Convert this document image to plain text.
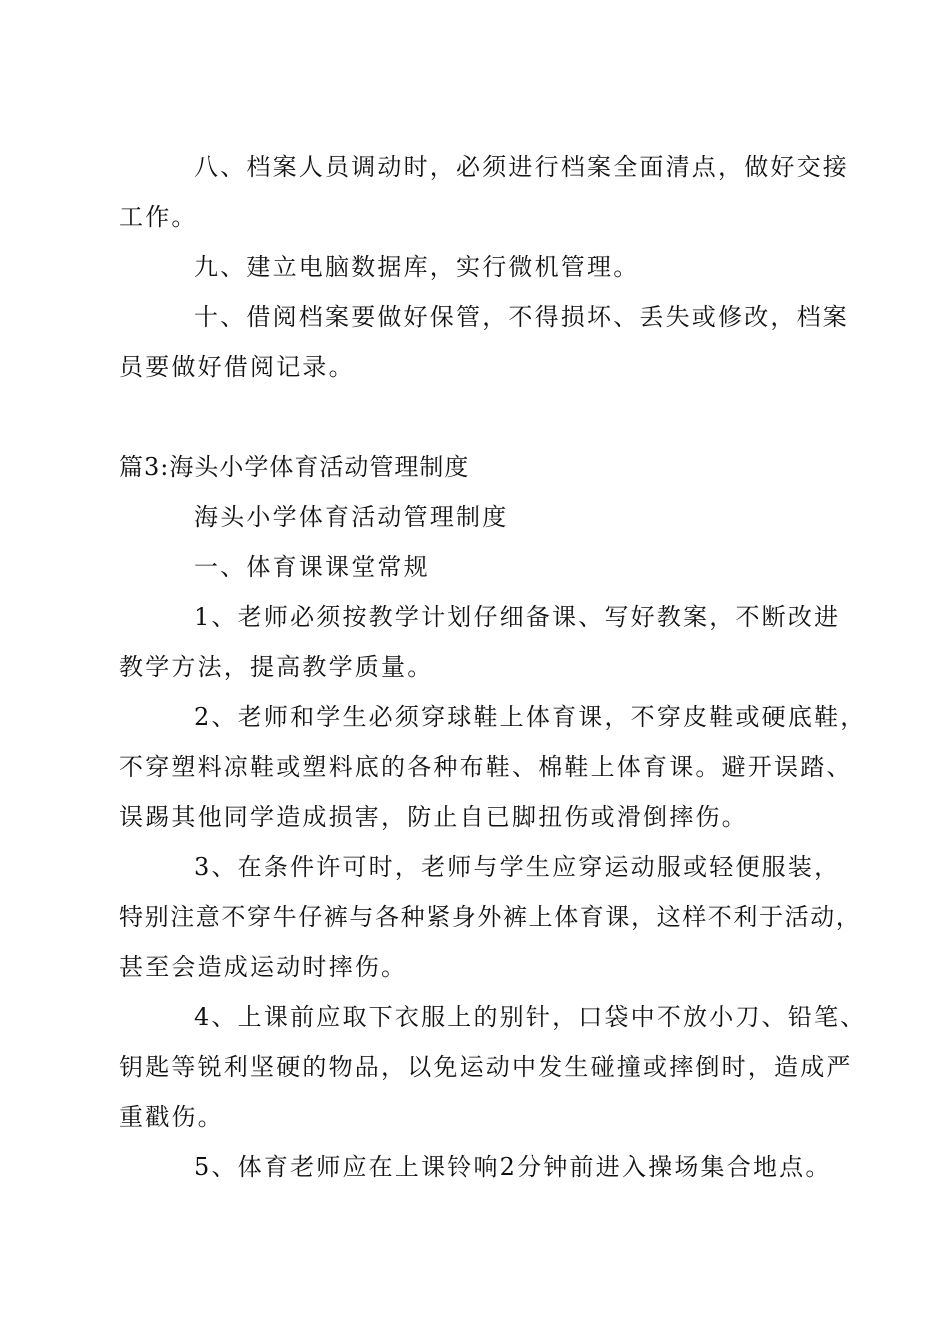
八、档案人员调动时，必须进行档案全面清点，做好交接
工作。
九、建立电脑数据库，实行微机管理。
十、借阅档案要做好保管，不得损坏、丢失或修改，档案
员要做好借阅记录。
篇3:海头小学体育活动管理制度
海头小学体育活动管理制度
一、体育课课堂常规
1、老师必须按教学计划仔细备课、写好教案，不断改进
教学方法，提高教学质量。
2、老师和学生必须穿球鞋上体育课，不穿皮鞋或硬底鞋，
不穿塑料凉鞋或塑料底的各种布鞋、棉鞋上体育课。避开误踏、
误踢其他同学造成损害，防止自已脚扭伤或滑倒摔伤。
3、在条件许可时，老师与学生应穿运动服或轻便服装，
特别注意不穿牛仔裤与各种紧身外裤上体育课，这样不利于活动，
甚至会造成运动时摔伤。
4、上课前应取下衣服上的别针，口袋中不放小刀、铅笔、
钥匙等锐利坚硬的物品，以免运动中发生碰撞或摔倒时，造成严
重戳伤。
5、体育老师应在上课铃响2分钟前进入操场集合地点。
